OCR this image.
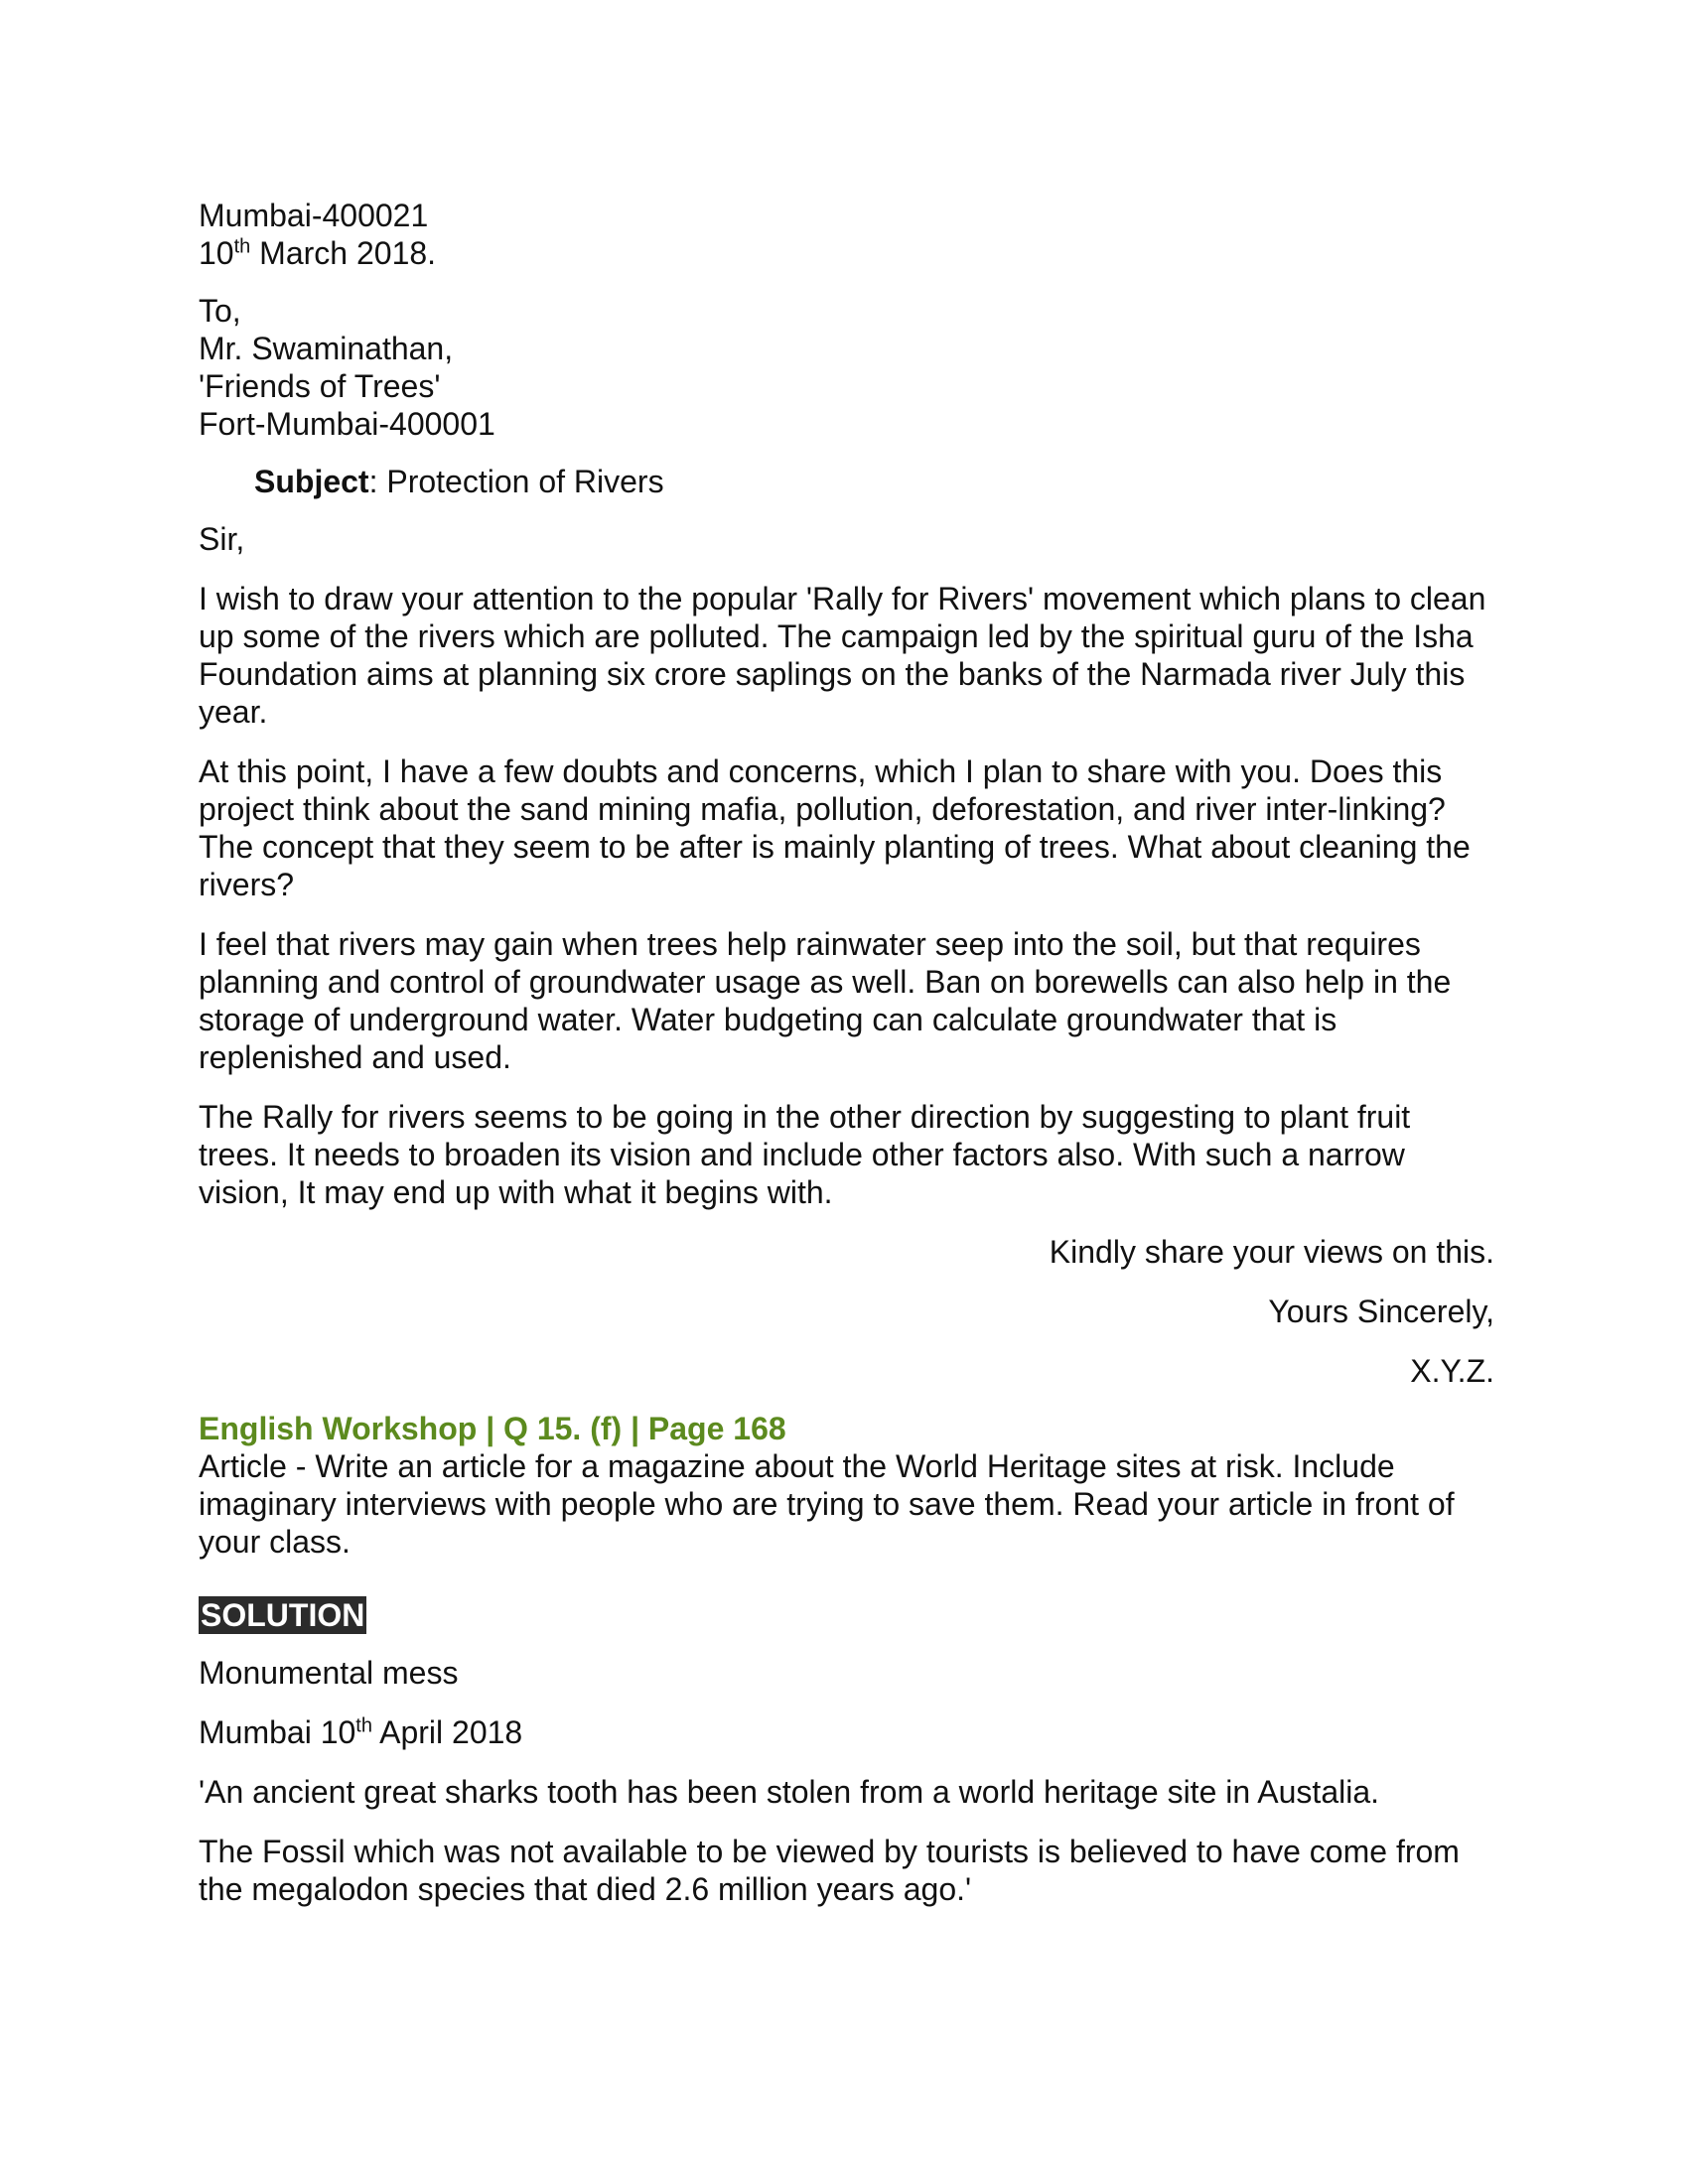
Mumbai-400021
10th March 2018.
To,
Mr. Swaminathan,
'Friends of Trees'
Fort-Mumbai-400001
Subject: Protection of Rivers
Sir,

I wish to draw your attention to the popular 'Rally for Rivers' movement which plans to clean up some of the rivers which are polluted. The campaign led by the spiritual guru of the Isha Foundation aims at planning six crore saplings on the banks of the Narmada river July this year.

At this point, I have a few doubts and concerns, which I plan to share with you. Does this project think about the sand mining mafia, pollution, deforestation, and river inter-linking? The concept that they seem to be after is mainly planting of trees. What about cleaning the rivers?

I feel that rivers may gain when trees help rainwater seep into the soil, but that requires planning and control of groundwater usage as well. Ban on borewells can also help in the storage of underground water. Water budgeting can calculate groundwater that is replenished and used.

The Rally for rivers seems to be going in the other direction by suggesting to plant fruit trees. It needs to broaden its vision and include other factors also. With such a narrow vision, It may end up with what it begins with.

Kindly share your views on this.
Yours Sincerely,
X.Y.Z.
English Workshop | Q 15. (f) | Page 168

Article - Write an article for a magazine about the World Heritage sites at risk. Include imaginary interviews with people who are trying to save them. Read your article in front of your class.

SOLUTION

Monumental mess

Mumbai 10th April 2018

'An ancient great sharks tooth has been stolen from a world heritage site in Austalia.

The Fossil which was not available to be viewed by tourists is believed to have come from the megalodon species that died 2.6 million years ago.'
